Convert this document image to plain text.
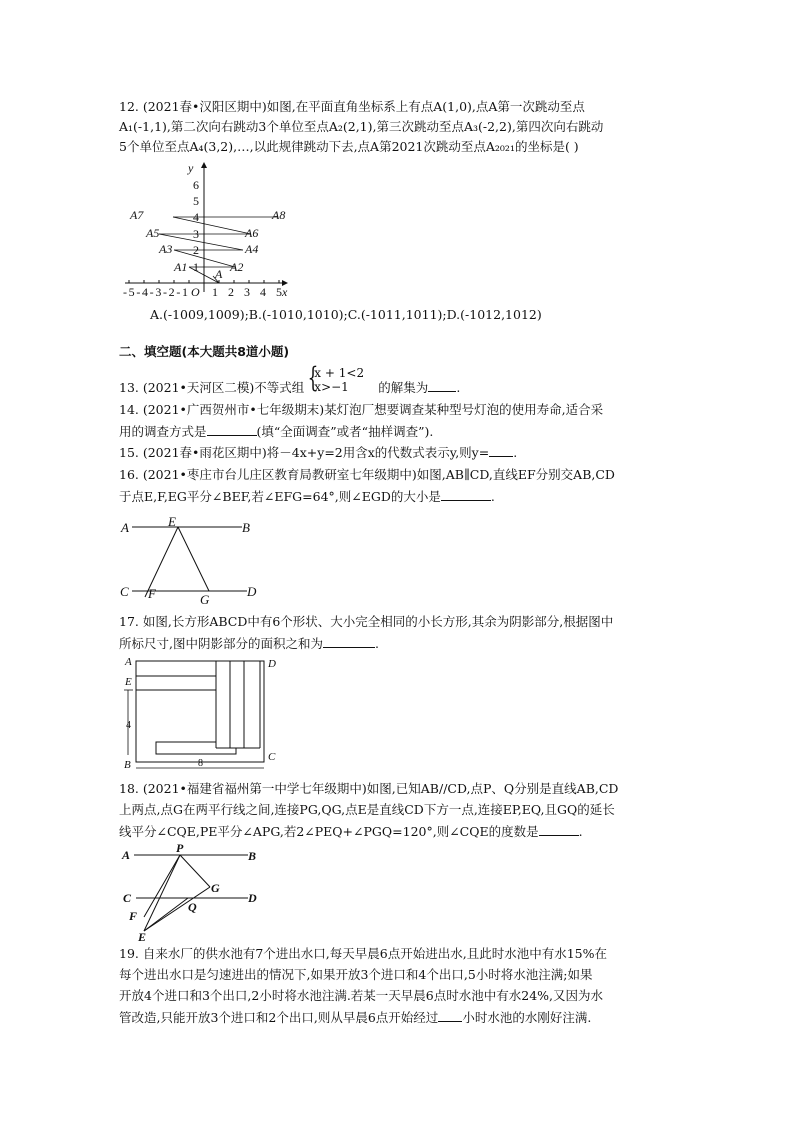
12. (2021春•汉阳区期中)如图,在平面直角坐标系上有点A(1,0),点A第一次跳动至点
A₁(-1,1),第二次向右跳动3个单位至点A₂(2,1),第三次跳动至点A₃(-2,2),第四次向右跳动
5个单位至点A₄(3,2),…,以此规律跳动下去,点A第2021次跳动至点A₂₀₂₁的坐标是( )
6
5
4
3
2
1
y
x
-5-4-3-2-1 O 1 2 3 4 5
A8
A7
A6
A5
A4
A3
A2
A1 A
A.(-1009,1009);B.(-1010,1010);C.(-1011,1011);D.(-1012,1012)
二、填空题(本大题共8道小题)
13. (2021•天河区二模)不等式组 {
x + 1<2
x>−1 的解集为 .
14. (2021•广西贺州市•七年级期末)某灯泡厂想要调查某种型号灯泡的使用寿命,适合采
用的调查方式是	(填“全面调查”或者“抽样调查”).
15. (2021春•雨花区期中)将－4x+y=2用含x的代数式表示y,则y= .
16. (2021•枣庄市台儿庄区教育局教研室七年级期中)如图,AB∥CD,直线EF分别交AB,CD
于点E,F,EG平分∠BEF,若∠EFG=64°,则∠EGD的大小是	.
A	E	B
C F	G
D
17. 如图,长方形ABCD中有6个形状、大小完全相同的小长方形,其余为阴影部分,根据图中
所标尺寸,图中阴影部分的面积之和为	.
A	D
E
B
C
4
8
18. (2021•福建省福州第一中学七年级期中)如图,已知AB//CD,点P、Q分别是直线AB,CD
上两点,点G在两平行线之间,连接PG,QG,点E是直线CD下方一点,连接EP,EQ,且GQ的延长
线平分∠CQE,PE平分∠APG,若2∠PEQ+∠PGQ=120°,则∠CQE的度数是	.
A	P
B
G
C
Q
D
F
E
19. 自来水厂的供水池有7个进出水口,每天早晨6点开始进出水,且此时水池中有水15%在
每个进出水口是匀速进出的情况下,如果开放3个进口和4个出口,5小时将水池注满;如果
开放4个进口和3个出口,2小时将水池注满.若某一天早晨6点时水池中有水24%,又因为水
管改造,只能开放3个进口和2个出口,则从早晨6点开始经过 小时水池的水刚好注满.
